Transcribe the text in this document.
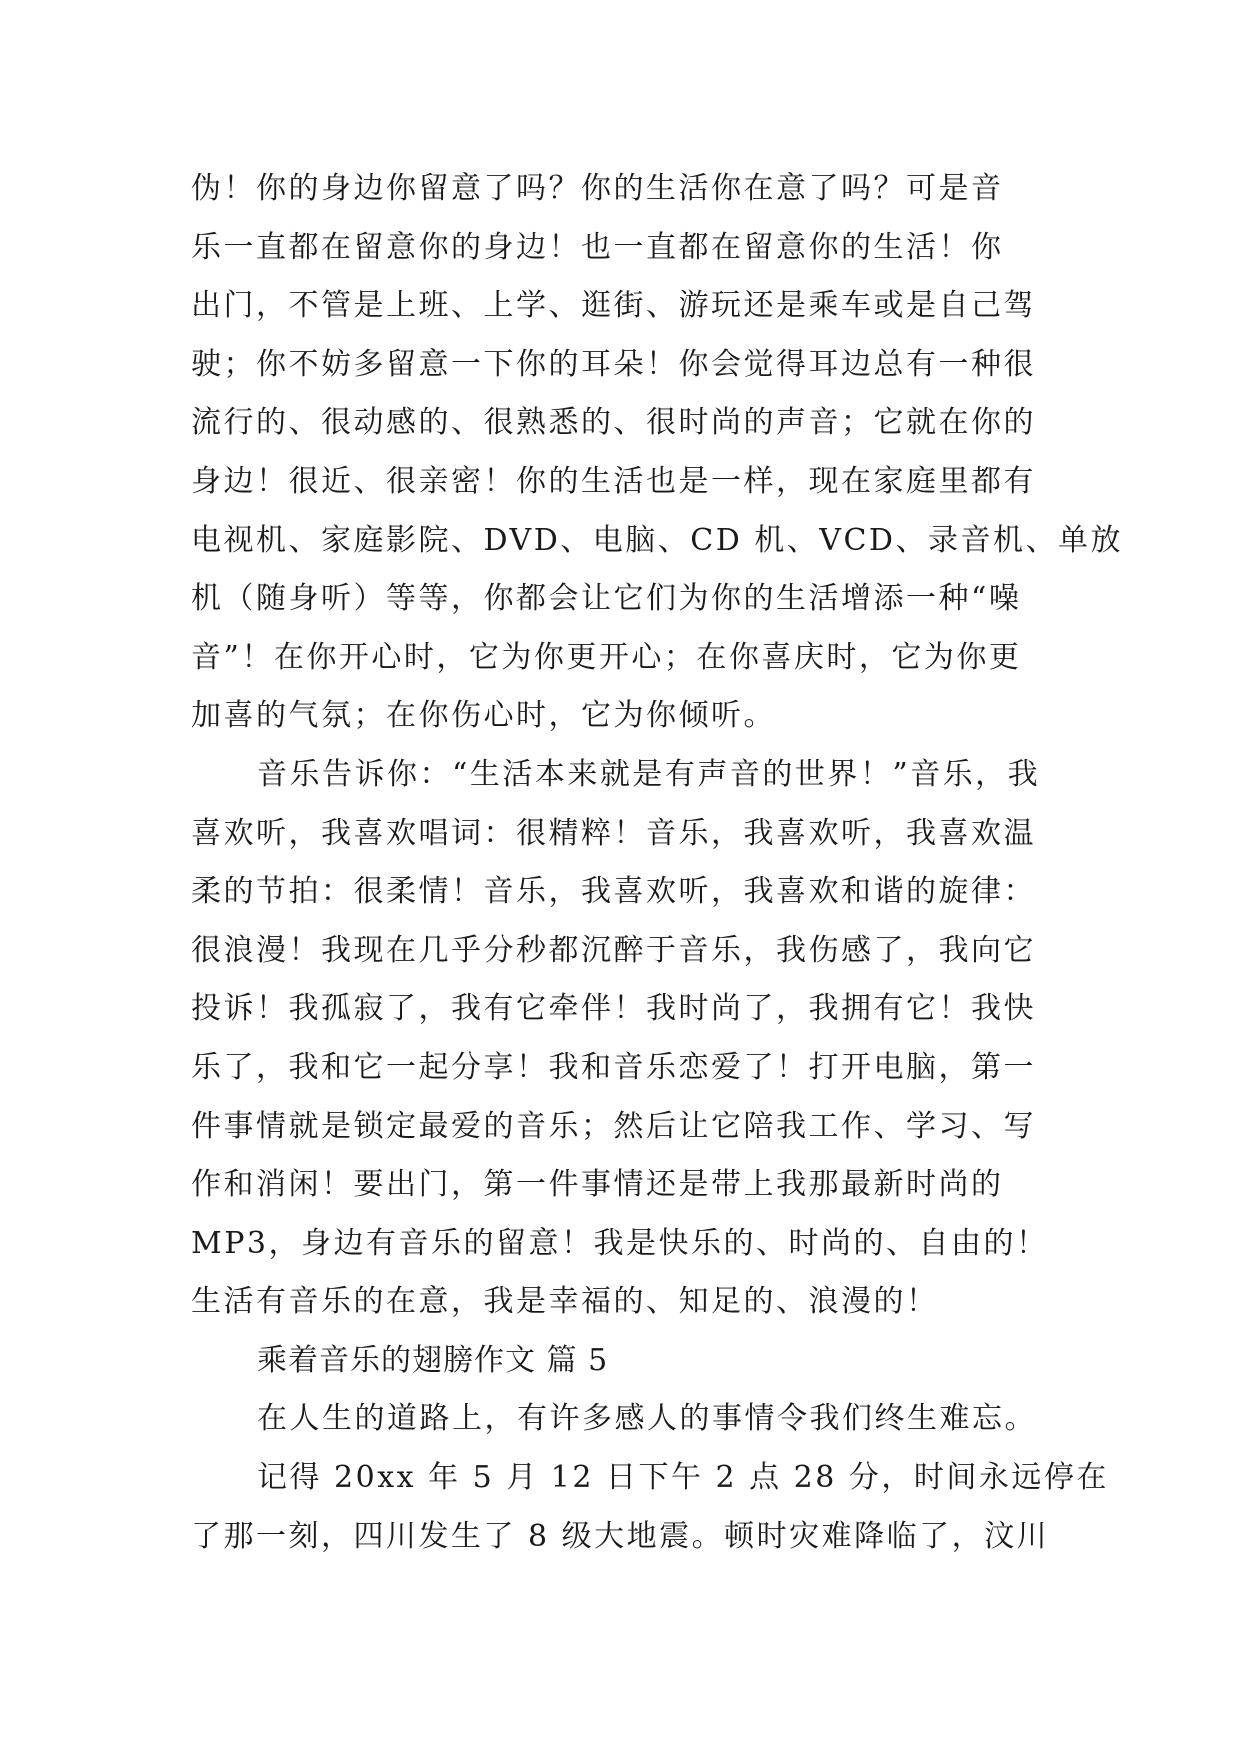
伪！你的身边你留意了吗？你的生活你在意了吗？可是音
乐一直都在留意你的身边！也一直都在留意你的生活！你
出门，不管是上班、上学、逛街、游玩还是乘车或是自己驾
驶；你不妨多留意一下你的耳朵！你会觉得耳边总有一种很
流行的、很动感的、很熟悉的、很时尚的声音；它就在你的
身边！很近、很亲密！你的生活也是一样，现在家庭里都有
电视机、家庭影院、DVD、电脑、CD 机、VCD、录音机、单放
机（随身听）等等，你都会让它们为你的生活增添一种“噪
音”！在你开心时，它为你更开心；在你喜庆时，它为你更
加喜的气氛；在你伤心时，它为你倾听。
音乐告诉你：“生活本来就是有声音的世界！”音乐，我
喜欢听，我喜欢唱词：很精粹！音乐，我喜欢听，我喜欢温
柔的节拍：很柔情！音乐，我喜欢听，我喜欢和谐的旋律：
很浪漫！我现在几乎分秒都沉醉于音乐，我伤感了，我向它
投诉！我孤寂了，我有它牵伴！我时尚了，我拥有它！我快
乐了，我和它一起分享！我和音乐恋爱了！打开电脑，第一
件事情就是锁定最爱的音乐；然后让它陪我工作、学习、写
作和消闲！要出门，第一件事情还是带上我那最新时尚的
MP3，身边有音乐的留意！我是快乐的、时尚的、自由的！
生活有音乐的在意，我是幸福的、知足的、浪漫的！
乘着音乐的翅膀作文 篇 5
在人生的道路上，有许多感人的事情令我们终生难忘。
记得 20xx 年 5 月 12 日下午 2 点 28 分，时间永远停在
了那一刻，四川发生了 8 级大地震。顿时灾难降临了，汶川
